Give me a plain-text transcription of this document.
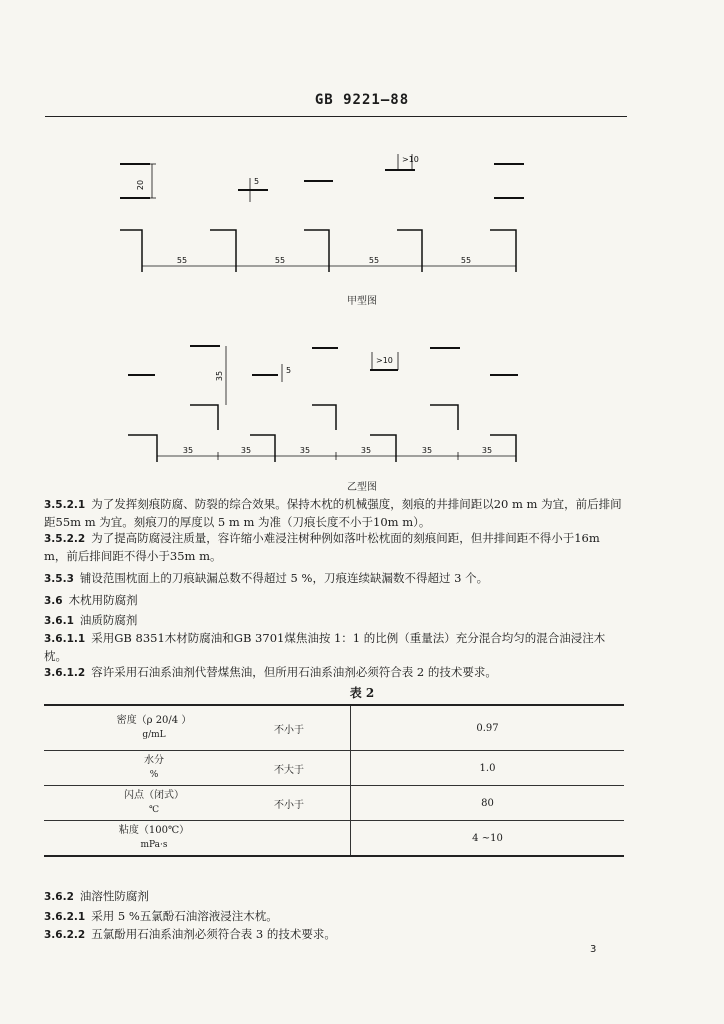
GB 9221—88
20	5
>10
55	55	55	55
甲型图
35
5
>10
35	35	35	35	35	35
乙型图
3.5.2.1 为了发挥刻痕防腐、防裂的综合效果。保持木枕的机械强度，刻痕的井排间距以20 m m 为宜，前后排间距55m m 为宜。刻痕刀的厚度以 5 m m 为准（刀痕长度不小于10m m）。
3.5.2.2 为了提高防腐浸注质量，容许缩小难浸注树种例如落叶松枕面的刻痕间距，但井排间距不得小于16m m，前后排间距不得小于35m m。
3.5.3 铺设范围枕面上的刀痕缺漏总数不得超过 5 %，刀痕连续缺漏数不得超过 3 个。
3.6 木枕用防腐剂
3.6.1 油质防腐剂
3.6.1.1 采用GB 8351木材防腐油和GB 3701煤焦油按 1：1 的比例（重量法）充分混合均匀的混合油浸注木枕。
3.6.1.2 容许采用石油系油剂代替煤焦油，但所用石油系油剂必须符合表 2 的技术要求。
表 2
密度（ρ 20/4 ）
g/mL	不小于	0.97
水分
%	不大于	1.0
闪点（闭式）
℃	不小于	80
粘度（100℃）
mPa·s		4 ~10
3.6.2 油溶性防腐剂
3.6.2.1 采用 5 %五氯酚石油溶液浸注木枕。
3.6.2.2 五氯酚用石油系油剂必须符合表 3 的技术要求。
3
